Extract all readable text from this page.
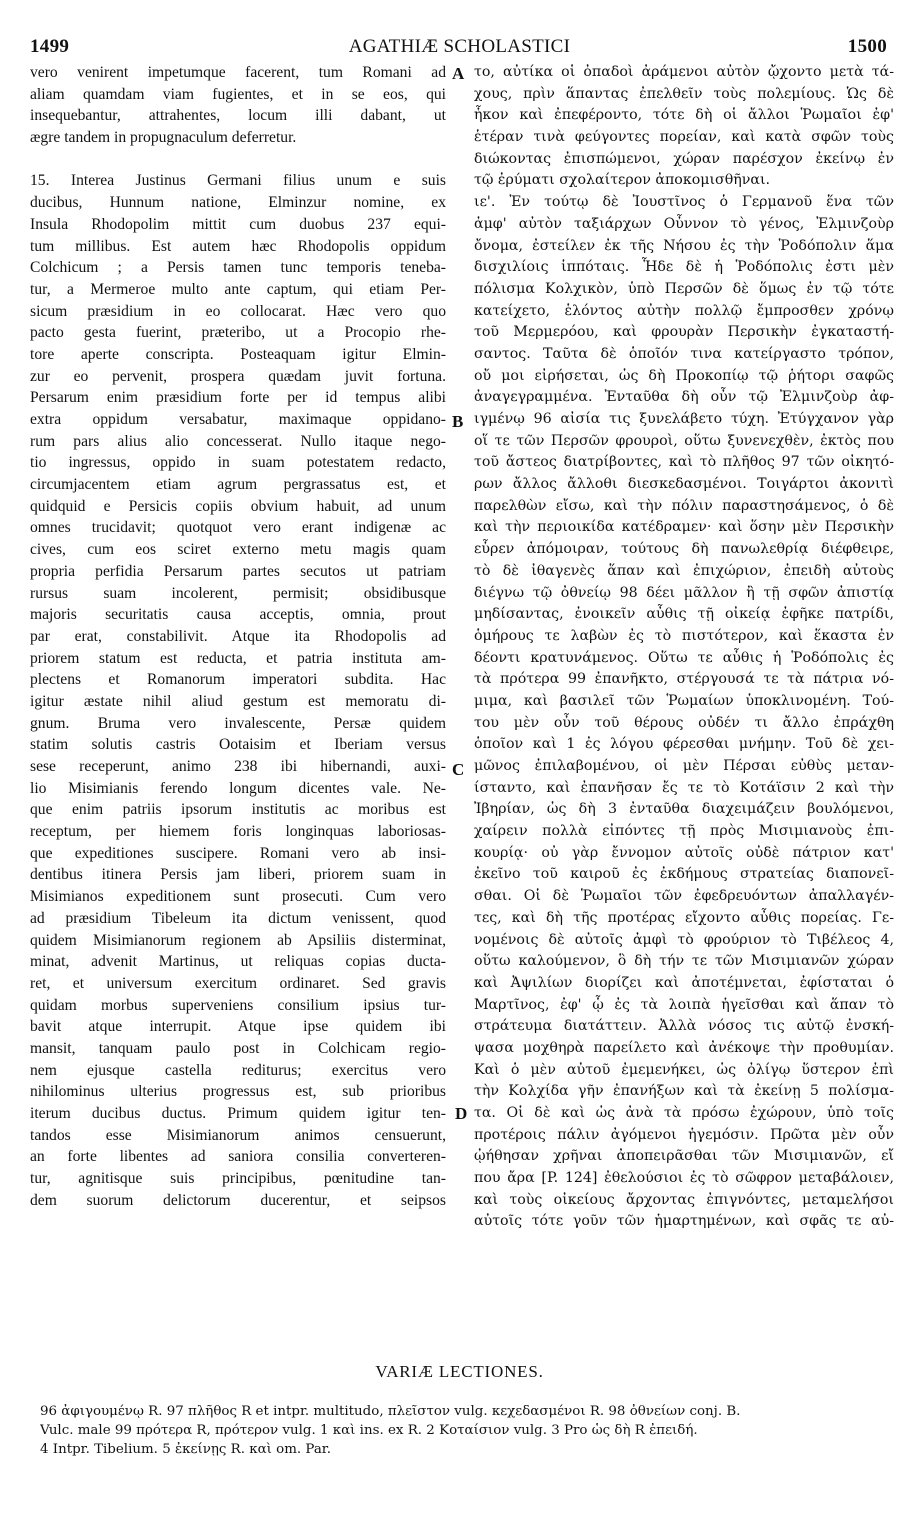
1499	AGATHIÆ SCHOLASTICI	1500
vero venirent impetumque facerent, tum Romani ad
aliam quamdam viam fugientes, et in se eos, qui
insequebantur, attrahentes, locum illi dabant, ut
ægre tandem in propugnaculum deferretur.
15. Interea Justinus Germani filius unum e suis
ducibus, Hunnum natione, Elminzur nomine, ex
Insula Rhodopolim mittit cum duobus 237 equi-
tum millibus. Est autem hæc Rhodopolis oppidum
Colchicum ; a Persis tamen tunc temporis teneba-
tur, a Mermeroe multo ante captum, qui etiam Per-
sicum præsidium in eo collocarat. Hæc vero quo
pacto gesta fuerint, præteribo, ut a Procopio rhe-
tore aperte conscripta. Posteaquam igitur Elmin-
zur eo pervenit, prospera quædam juvit fortuna.
Persarum enim præsidium forte per id tempus alibi
extra oppidum versabatur, maximaque oppidano-
rum pars alius alio concesserat. Nullo itaque nego-
tio ingressus, oppido in suam potestatem redacto,
circumjacentem etiam agrum pergrassatus est, et
quidquid e Persicis copiis obvium habuit, ad unum
omnes trucidavit; quotquot vero erant indigenæ ac
cives, cum eos sciret externo metu magis quam
propria perfidia Persarum partes secutos ut patriam
rursus suam incolerent, permisit; obsidibusque
majoris securitatis causa acceptis, omnia, prout
par erat, constabilivit. Atque ita Rhodopolis ad
priorem statum est reducta, et patria instituta am-
plectens et Romanorum imperatori subdita. Hac
igitur æstate nihil aliud gestum est memoratu di-
gnum. Bruma vero invalescente, Persæ quidem
statim solutis castris Ootaisim et Iberiam versus
sese receperunt, animo 238 ibi hibernandi, auxi-
lio Misimianis ferendo longum dicentes vale. Ne-
que enim patriis ipsorum institutis ac moribus est
receptum, per hiemem foris longinquas laboriosas-
que expeditiones suscipere. Romani vero ab insi-
dentibus itinera Persis jam liberi, priorem suam in
Misimianos expeditionem sunt prosecuti. Cum vero
ad præsidium Tibeleum ita dictum venissent, quod
quidem Misimianorum regionem ab Apsiliis disterminat,
minat, advenit Martinus, ut reliquas copias ducta-
ret, et universum exercitum ordinaret. Sed gravis
quidam morbus superveniens consilium ipsius tur-
bavit atque interrupit. Atque ipse quidem ibi
mansit, tanquam paulo post in Colchicam regio-
nem ejusque castella rediturus; exercitus vero
nihilominus ulterius progressus est, sub prioribus
iterum ducibus ductus. Primum quidem igitur ten-
tandos esse Misimianorum animos censuerunt,
an forte libentes ad saniora consilia converteren-
tur, agnitisque suis principibus, pœnitudine tan-
dem suorum delictorum ducerentur, et seipsos
το, αὐτίκα οἱ ὀπαδοὶ ἀράμενοι αὐτὸν ᾤχοντο μετὰ τά-
χους, πρὶν ἅπαντας ἐπελθεῖν τοὺς πολεμίους. Ὡς δὲ
ἧκον καὶ ἐπεφέροντο, τότε δὴ οἱ ἄλλοι Ῥωμαῖοι ἐφ'
ἑτέραν τινὰ φεύγοντες πορείαν, καὶ κατὰ σφῶν τοὺς
διώκοντας ἐπισπώμενοι, χώραν παρέσχον ἐκείνῳ ἐν
τῷ ἐρύματι σχολαίτερον ἀποκομισθῆναι.
ιε'. Ἐν τούτῳ δὲ Ἰουστῖνος ὁ Γερμανοῦ ἕνα τῶν
ἀμφ' αὐτὸν ταξιάρχων Οὖννον τὸ γένος, Ἐλμινζοὺρ
ὄνομα, ἐστείλεν ἐκ τῆς Νήσου ἐς τὴν Ῥοδόπολιν ἅμα
δισχιλίοις ἱππόταις. Ἧδε δὲ ἡ Ῥοδόπολις ἐστι μὲν
πόλισμα Κολχικὸν, ὑπὸ Περσῶν δὲ ὅμως ἐν τῷ τότε
κατείχετο, ἑλόντος αὐτὴν πολλῷ ἔμπροσθεν χρόνῳ
τοῦ Μερμερόου, καὶ φρουρὰν Περσικὴν ἐγκαταστή-
σαντος. Ταῦτα δὲ ὁποῖόν τινα κατείργαστο τρόπον,
οὔ μοι εἰρήσεται, ὡς δὴ Προκοπίῳ τῷ ῥήτορι σαφῶς
ἀναγεγραμμένα. Ἐνταῦθα δὴ οὖν τῷ Ἐλμινζοὺρ ἀφ-
ιγμένῳ 96 αἰσία τις ξυνελάβετο τύχη. Ἐτύγχανον γὰρ
οἵ τε τῶν Περσῶν φρουροὶ, οὕτω ξυνενεχθὲν, ἐκτὸς που
τοῦ ἄστεος διατρίβοντες, καὶ τὸ πλῆθος 97 τῶν οἰκητό-
ρων ἄλλος ἄλλοθι διεσκεδασμένοι. Τοιγάρτοι ἀκονιτὶ
παρελθὼν εἴσω, καὶ τὴν πόλιν παραστησάμενος, ὁ δὲ
καὶ τὴν περιοικίδα κατέδραμεν· καὶ ὅσην μὲν Περσικὴν
εὗρεν ἀπόμοιραν, τούτους δὴ πανωλεθρίᾳ διέφθειρε,
τὸ δὲ ἰθαγενὲς ἅπαν καὶ ἐπιχώριον, ἐπειδὴ αὐτοὺς
διέγνω τῷ ὀθνείῳ 98 δέει μᾶλλον ἢ τῇ σφῶν ἀπιστίᾳ
μηδίσαντας, ἐνοικεῖν αὖθις τῇ οἰκείᾳ ἐφῆκε πατρίδι,
ὁμήρους τε λαβὼν ἐς τὸ πιστότερον, καὶ ἕκαστα ἐν
δέοντι κρατυνάμενος. Οὕτω τε αὖθις ἡ Ῥοδόπολις ἐς
τὰ πρότερα 99 ἐπανῆκτο, στέργουσά τε τὰ πάτρια νό-
μιμα, καὶ βασιλεῖ τῶν Ῥωμαίων ὑποκλινομένη. Τού-
του μὲν οὖν τοῦ θέρους οὐδέν τι ἄλλο ἐπράχθη
ὁποῖον καὶ 1 ἐς λόγου φέρεσθαι μνήμην. Τοῦ δὲ χει-
μῶνος ἐπιλαβομένου, οἱ μὲν Πέρσαι εὐθὺς μεταν-
ίσταντο, καὶ ἐπανῆσαν ἔς τε τὸ Κοτάϊσιν 2 καὶ τὴν
Ἰβηρίαν, ὡς δὴ 3 ἐνταῦθα διαχειμάζειν βουλόμενοι,
χαίρειν πολλὰ εἰπόντες τῇ πρὸς Μισιμιανοὺς ἐπι-
κουρίᾳ· οὐ γὰρ ἔννομον αὐτοῖς οὐδὲ πάτριον κατ'
ἐκεῖνο τοῦ καιροῦ ἐς ἐκδήμους στρατείας διαπονεῖ-
σθαι. Οἱ δὲ Ῥωμαῖοι τῶν ἐφεδρευόντων ἀπαλλαγέν-
τες, καὶ δὴ τῆς προτέρας εἴχοντο αὖθις πορείας. Γε-
νομένοις δὲ αὐτοῖς ἀμφὶ τὸ φρούριον τὸ Τιβέλεος 4,
οὕτω καλούμενον, ὃ δὴ τήν τε τῶν Μισιμιανῶν χώραν
καὶ Ἀψιλίων διορίζει καὶ ἀποτέμνεται, ἐφίσταται ὁ
Μαρτῖνος, ἐφ' ᾧ ἐς τὰ λοιπὰ ἡγεῖσθαι καὶ ἅπαν τὸ
στράτευμα διατάττειν. Ἀλλὰ νόσος τις αὐτῷ ἐνσκή-
ψασα μοχθηρὰ παρείλετο καὶ ἀνέκοψε τὴν προθυμίαν.
Καὶ ὁ μὲν αὐτοῦ ἐμεμενήκει, ὡς ὀλίγῳ ὕστερον ἐπὶ
τὴν Κολχίδα γῆν ἐπανήξων καὶ τὰ ἐκείνῃ 5 πολίσμα-
τα. Οἱ δὲ καὶ ὡς ἀνὰ τὰ πρόσω ἐχώρουν, ὑπὸ τοῖς
προτέροις πάλιν ἀγόμενοι ἡγεμόσιν. Πρῶτα μὲν οὖν
ᾠήθησαν χρῆναι ἀποπειρᾶσθαι τῶν Μισιμιανῶν, εἴ
που ἄρα [P. 124] ἐθελούσιοι ἐς τὸ σῶφρον μεταβάλοιεν,
καὶ τοὺς οἰκείους ἄρχοντας ἐπιγνόντες, μεταμελήσοι
αὐτοῖς τότε γοῦν τῶν ἡμαρτημένων, καὶ σφᾶς τε αὐ-
A
B
C
D
VARIÆ LECTIONES.
96 ἀφιγουμένῳ R. 97 πλῆθος R et intpr. multitudo, πλεῖστον vulg. κεχεδασμένοι R. 98 ὀθνείων conj. B.
Vulc. male 99 πρότερα R, πρότερον vulg. 1 καὶ ins. ex R. 2 Κοταίσιον vulg. 3 Pro ὡς δὴ R ἐπειδή.
4 Intpr. Tibelium. 5 ἐκείνῃς R. καὶ om. Par.
